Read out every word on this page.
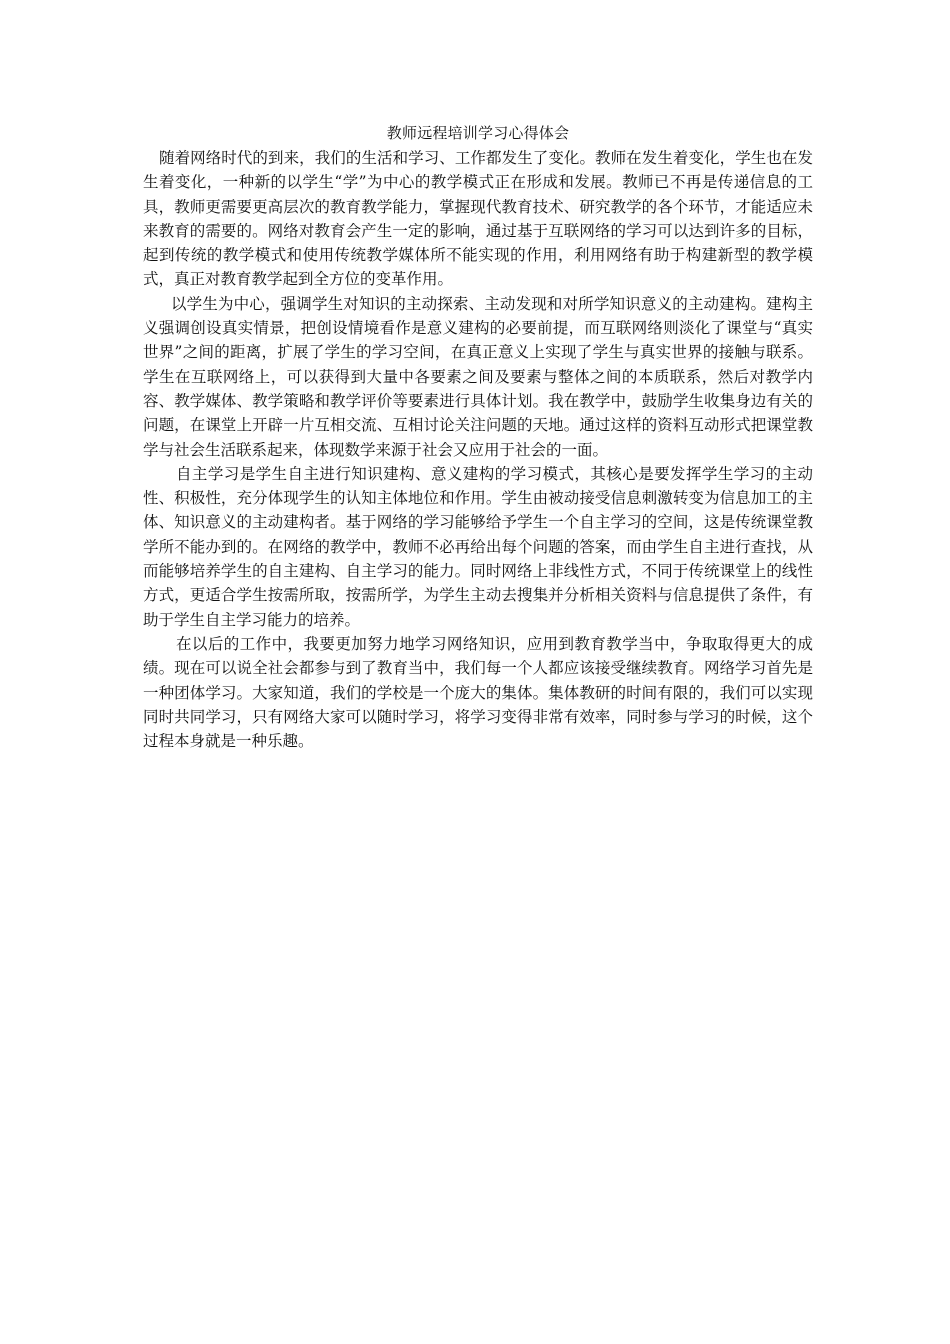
教师远程培训学习心得体会

随着网络时代的到来，我们的生活和学习、工作都发生了变化。教师在发生着变化，学生也在发生着变化，一种新的以学生“学”为中心的教学模式正在形成和发展。教师已不再是传递信息的工具，教师更需要更高层次的教育教学能力，掌握现代教育技术、研究教学的各个环节，才能适应未来教育的需要的。网络对教育会产生一定的影响，通过基于互联网络的学习可以达到许多的目标，起到传统的教学模式和使用传统教学媒体所不能实现的作用，利用网络有助于构建新型的教学模式，真正对教育教学起到全方位的变革作用。

以学生为中心，强调学生对知识的主动探索、主动发现和对所学知识意义的主动建构。建构主义强调创设真实情景，把创设情境看作是意义建构的必要前提，而互联网络则淡化了课堂与“真实世界”之间的距离，扩展了学生的学习空间，在真正意义上实现了学生与真实世界的接触与联系。学生在互联网络上，可以获得到大量中各要素之间及要素与整体之间的本质联系，然后对教学内容、教学媒体、教学策略和教学评价等要素进行具体计划。我在教学中，鼓励学生收集身边有关的问题，在课堂上开辟一片互相交流、互相讨论关注问题的天地。通过这样的资料互动形式把课堂教学与社会生活联系起来，体现数学来源于社会又应用于社会的一面。

自主学习是学生自主进行知识建构、意义建构的学习模式，其核心是要发挥学生学习的主动性、积极性，充分体现学生的认知主体地位和作用。学生由被动接受信息刺激转变为信息加工的主体、知识意义的主动建构者。基于网络的学习能够给予学生一个自主学习的空间，这是传统课堂教学所不能办到的。在网络的教学中，教师不必再给出每个问题的答案，而由学生自主进行查找，从而能够培养学生的自主建构、自主学习的能力。同时网络上非线性方式，不同于传统课堂上的线性方式，更适合学生按需所取，按需所学，为学生主动去搜集并分析相关资料与信息提供了条件，有助于学生自主学习能力的培养。

在以后的工作中，我要更加努力地学习网络知识，应用到教育教学当中，争取取得更大的成绩。现在可以说全社会都参与到了教育当中，我们每一个人都应该接受继续教育。网络学习首先是一种团体学习。大家知道，我们的学校是一个庞大的集体。集体教研的时间有限的，我们可以实现同时共同学习，只有网络大家可以随时学习，将学习变得非常有效率，同时参与学习的时候，这个过程本身就是一种乐趣。
